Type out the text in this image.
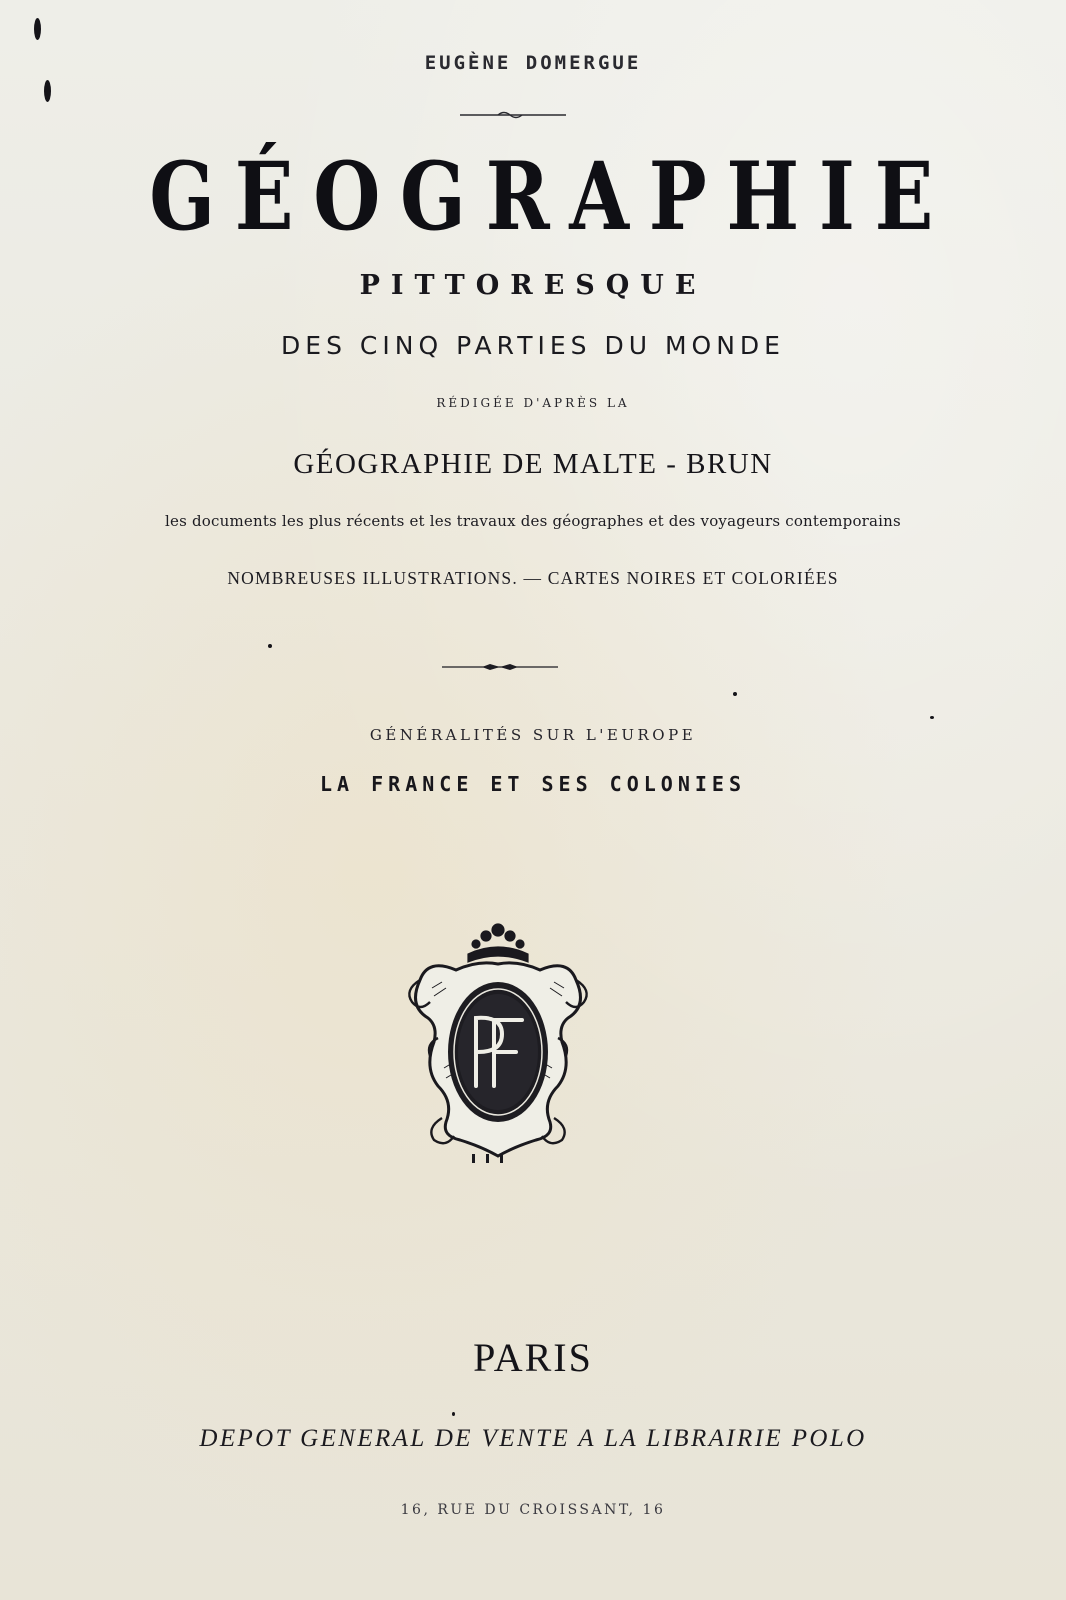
EUGÈNE DOMERGUE
GÉOGRAPHIE
PITTORESQUE
DES CINQ PARTIES DU MONDE
RÉDIGÉE D'APRÈS LA
GÉOGRAPHIE DE MALTE - BRUN
les documents les plus récents et les travaux des géographes et des voyageurs contemporains
NOMBREUSES ILLUSTRATIONS. — CARTES NOIRES ET COLORIÉES
GÉNÉRALITÉS SUR L'EUROPE
LA FRANCE ET SES COLONIES
PARIS
DEPOT GENERAL DE VENTE A LA LIBRAIRIE POLO
16, RUE DU CROISSANT, 16
